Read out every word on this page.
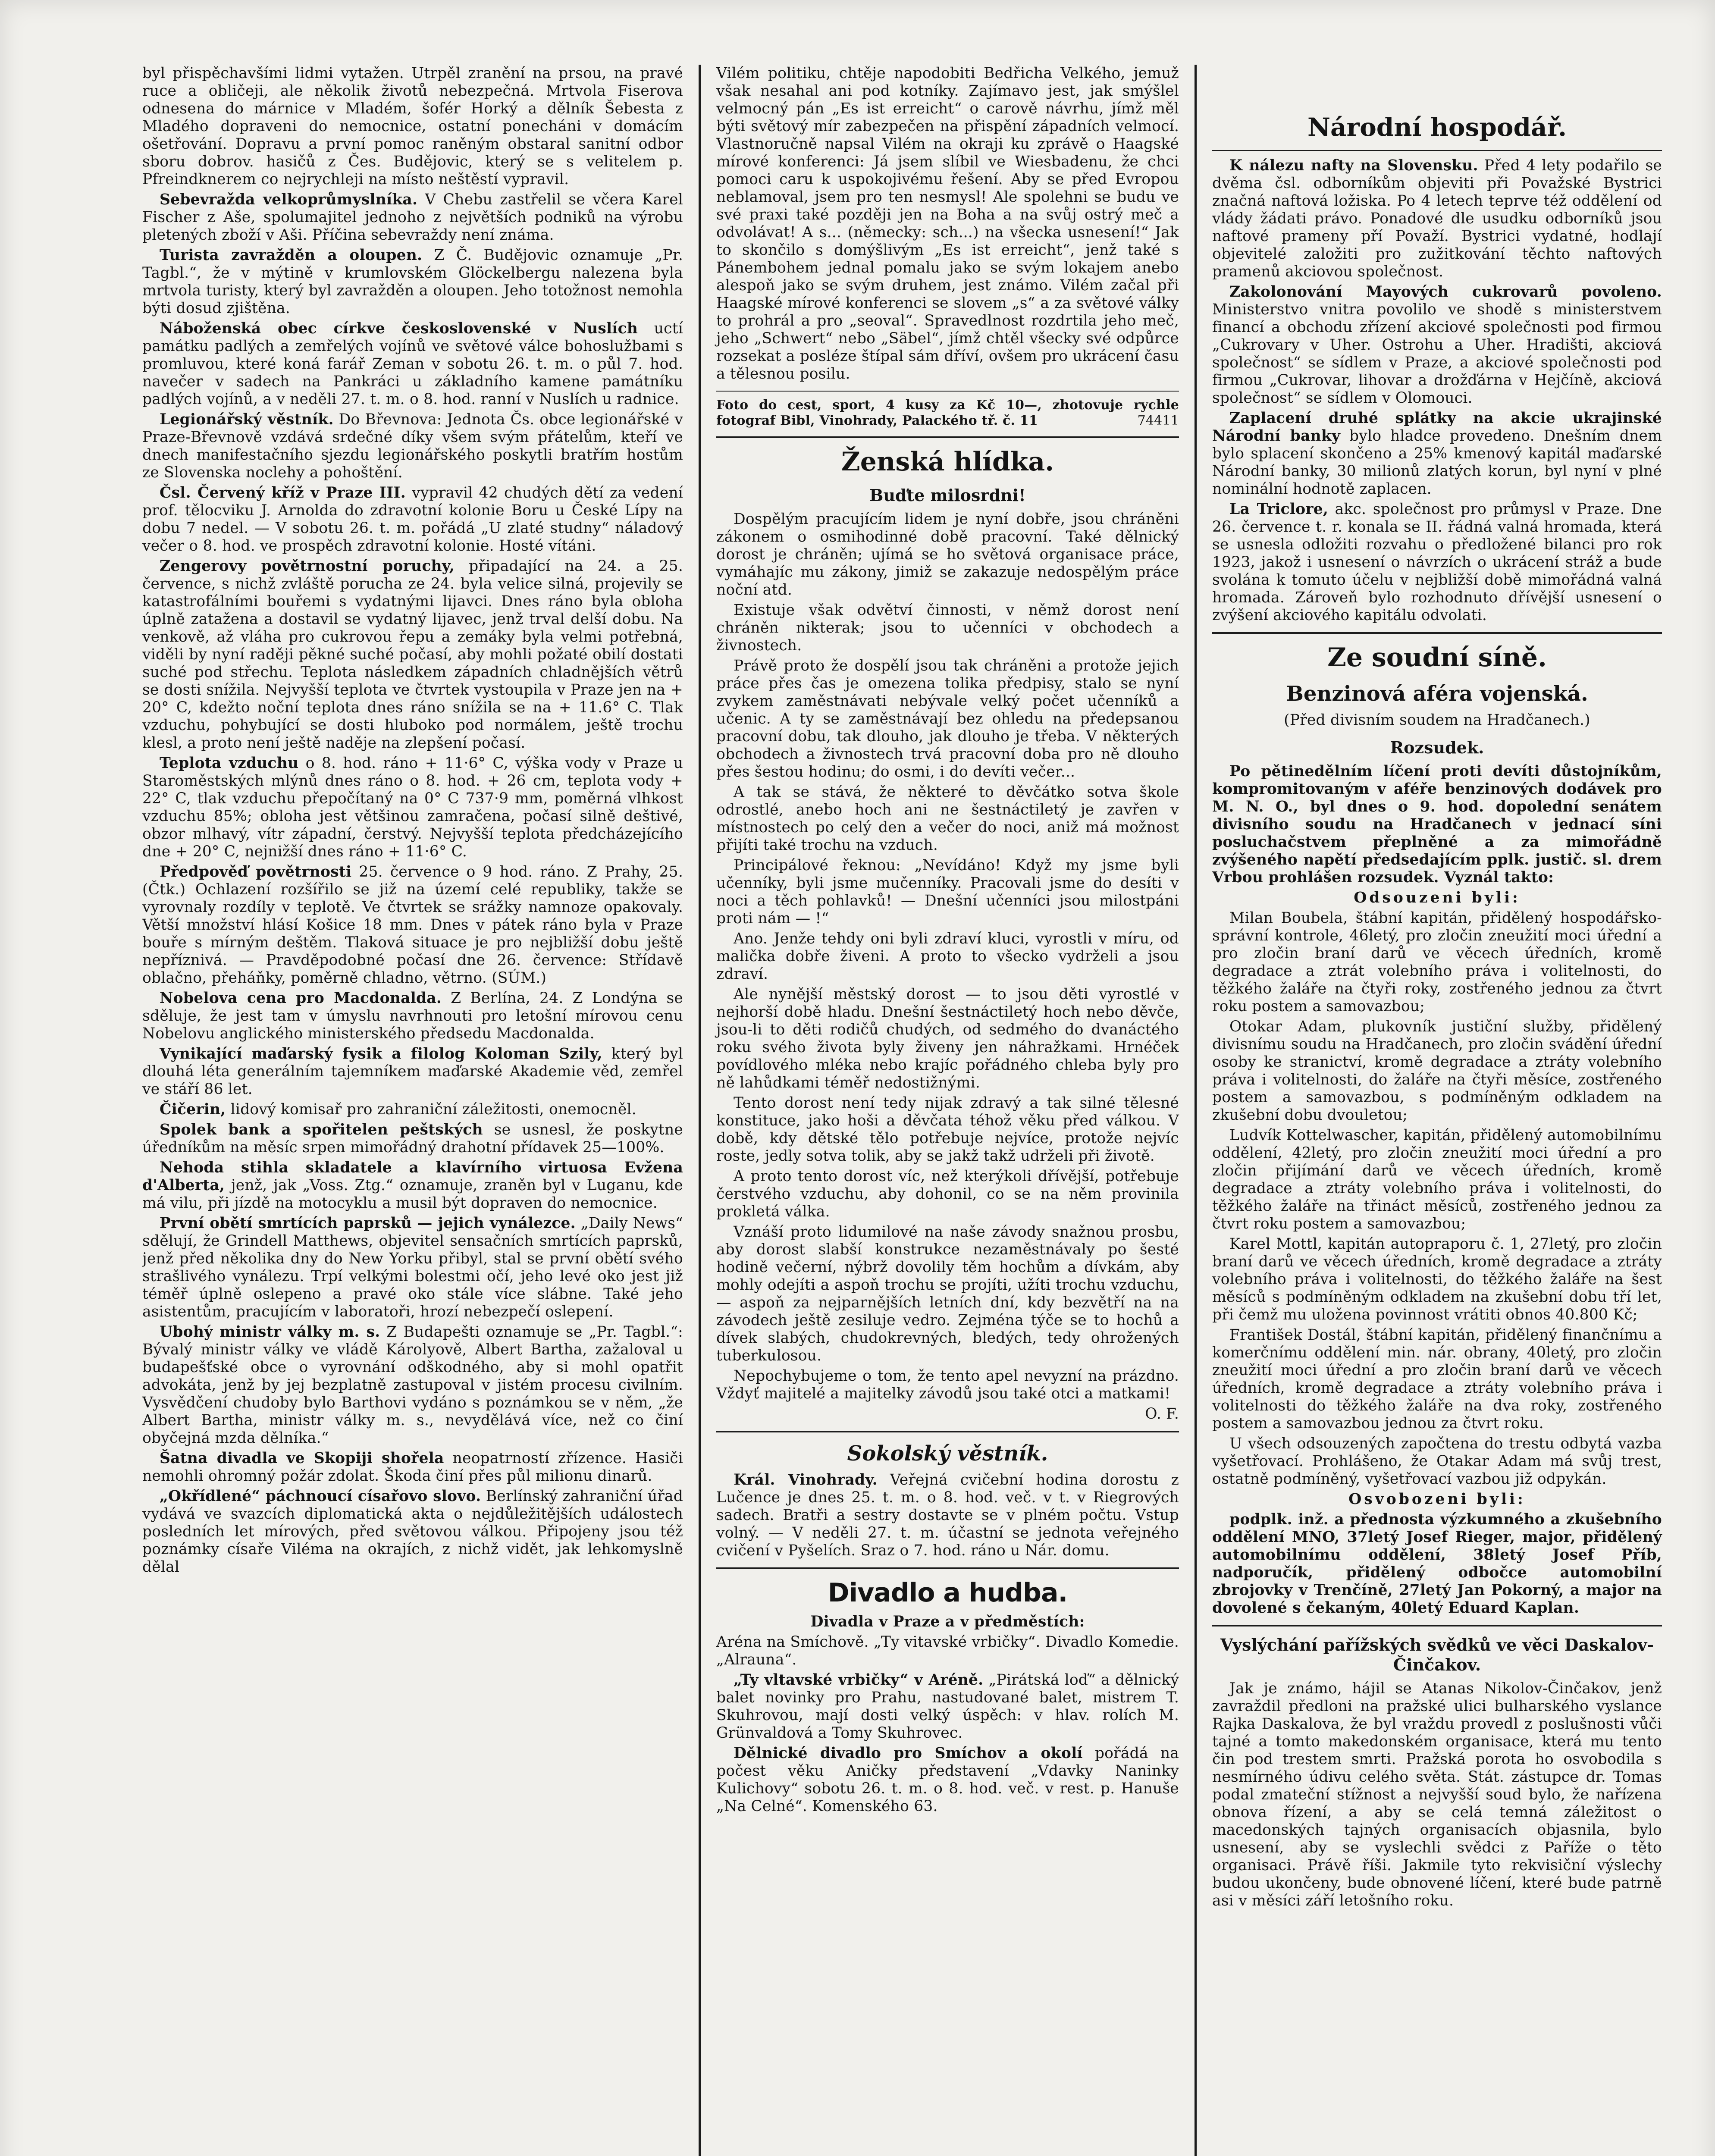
byl přispěchavšími lidmi vytažen. Utrpěl zranění na prsou, na pravé ruce a obličeji, ale několik životů nebezpečná. Mrtvola Fiserova odnesena do márnice v Mladém, šofér Horký a dělník Šebesta z Mladého dopraveni do nemocnice, ostatní ponecháni v domácím ošetřování. Dopravu a první pomoc raněným obstaral sanitní odbor sboru dobrov. hasičů z Čes. Budějovic, který se s velitelem p. Pfreindknerem co nejrychleji na místo neštěstí vypravil.

Sebevražda velkoprůmyslníka. V Chebu zastřelil se včera Karel Fischer z Aše, spolumajitel jednoho z největších podniků na výrobu pletených zboží v Aši. Příčina sebevraždy není známa.

Turista zavražděn a oloupen. Z Č. Budějovic oznamuje „Pr. Tagbl.“, že v mýtině v krumlovském Glöckelbergu nalezena byla mrtvola turisty, který byl zavražděn a oloupen. Jeho totožnost nemohla býti dosud zjištěna.

Náboženská obec církve československé v Nuslích uctí památku padlých a zemřelých vojínů ve světové válce bohoslužbami s promluvou, které koná farář Zeman v sobotu 26. t. m. o půl 7. hod. navečer v sadech na Pankráci u základního kamene památníku padlých vojínů, a v neděli 27. t. m. o 8. hod. ranní v Nuslích u radnice.

Legionářský věstník. Do Břevnova: Jednota Čs. obce legionářské v Praze-Břevnově vzdává srdečné díky všem svým přátelům, kteří ve dnech manifestačního sjezdu legionářského poskytli bratřím hostům ze Slovenska noclehy a pohoštění.

Čsl. Červený kříž v Praze III. vypravil 42 chudých dětí za vedení prof. tělocviku J. Arnolda do zdravotní kolonie Boru u České Lípy na dobu 7 nedel. — V sobotu 26. t. m. pořádá „U zlaté studny“ náladový večer o 8. hod. ve prospěch zdravotní kolonie. Hosté vítáni.

Zengerovy povětrnostní poruchy, připadající na 24. a 25. července, s nichž zvláště porucha ze 24. byla velice silná, projevily se katastrofálními bouřemi s vydatnými lijavci. Dnes ráno byla obloha úplně zatažena a dostavil se vydatný lijavec, jenž trval delší dobu. Na venkově, až vláha pro cukrovou řepu a zemáky byla velmi potřebná, viděli by nyní raději pěkné suché počasí, aby mohli požaté obilí dostati suché pod střechu. Teplota následkem západních chladnějších větrů se dosti snížila. Nejvyšší teplota ve čtvrtek vystoupila v Praze jen na + 20° C, kdežto noční teplota dnes ráno snížila se na + 11.6° C. Tlak vzduchu, pohybující se dosti hluboko pod normálem, ještě trochu klesl, a proto není ještě naděje na zlepšení počasí.

Teplota vzduchu o 8. hod. ráno + 11·6° C, výška vody v Praze u Staroměstských mlýnů dnes ráno o 8. hod. + 26 cm, teplota vody + 22° C, tlak vzduchu přepočítaný na 0° C 737·9 mm, poměrná vlhkost vzduchu 85%; obloha jest většinou zamračena, počasí silně deštivé, obzor mlhavý, vítr západní, čerstvý. Nejvyšší teplota předcházejícího dne + 20° C, nejnižší dnes ráno + 11·6° C.

Předpověď povětrnosti 25. července o 9 hod. ráno. Z Prahy, 25. (Čtk.) Ochlazení rozšířilo se již na území celé republiky, takže se vyrovnaly rozdíly v teplotě. Ve čtvrtek se srážky namnoze opakovaly. Větší množství hlásí Košice 18 mm. Dnes v pátek ráno byla v Praze bouře s mírným deštěm. Tlaková situace je pro nejbližší dobu ještě nepříznivá. — Pravděpodobné počasí dne 26. července: Střídavě oblačno, přeháňky, poměrně chladno, větrno. (SÚM.)

Nobelova cena pro Macdonalda. Z Berlína, 24. Z Londýna se sděluje, že jest tam v úmyslu navrhnouti pro letošní mírovou cenu Nobelovu anglického ministerského předsedu Macdonalda.

Vynikající maďarský fysik a filolog Koloman Szily, který byl dlouhá léta generálním tajemníkem maďarské Akademie věd, zemřel ve stáří 86 let.

Čičerin, lidový komisař pro zahraniční záležitosti, onemocněl.

Spolek bank a spořitelen peštských se usnesl, že poskytne úředníkům na měsíc srpen mimořádný drahotní přídavek 25—100%.

Nehoda stihla skladatele a klavírního virtuosa Evžena d'Alberta, jenž, jak „Voss. Ztg.“ oznamuje, zraněn byl v Luganu, kde má vilu, při jízdě na motocyklu a musil být dopraven do nemocnice.

První obětí smrtících paprsků — jejich vynálezce. „Daily News“ sdělují, že Grindell Matthews, objevitel sensačních smrtících paprsků, jenž před několika dny do New Yorku přibyl, stal se první obětí svého strašlivého vynálezu. Trpí velkými bolestmi očí, jeho levé oko jest již téměř úplně oslepeno a pravé oko stále více slábne. Také jeho asistentům, pracujícím v laboratoři, hrozí nebezpečí oslepení.

Ubohý ministr války m. s. Z Budapešti oznamuje se „Pr. Tagbl.“: Bývalý ministr války ve vládě Károlyově, Albert Bartha, zažaloval u budapešťské obce o vyrovnání odškodného, aby si mohl opatřit advokáta, jenž by jej bezplatně zastupoval v jistém procesu civilním. Vysvědčení chudoby bylo Barthovi vydáno s poznámkou se v něm, „že Albert Bartha, ministr války m. s., nevydělává více, než co činí obyčejná mzda dělníka.“

Šatna divadla ve Skopiji shořela neopatrností zřízence. Hasiči nemohli ohromný požár zdolat. Škoda činí přes půl milionu dinarů.

„Okřídlené“ páchnoucí císařovo slovo. Berlínský zahraniční úřad vydává ve svazcích diplomatická akta o nejdůležitějších událostech posledních let mírových, před světovou válkou. Připojeny jsou též poznámky císaře Viléma na okrajích, z nichž vidět, jak lehkomyslně dělal

Vilém politiku, chtěje napodobiti Bedřicha Velkého, jemuž však nesahal ani pod kotníky. Zajímavo jest, jak smýšlel velmocný pán „Es ist erreicht“ o carově návrhu, jímž měl býti světový mír zabezpečen na přispění západních velmocí. Vlastnoručně napsal Vilém na okraji ku zprávě o Haagské mírové konferenci: Já jsem slíbil ve Wiesbadenu, že chci pomoci caru k uspokojivému řešení. Aby se před Evropou neblamoval, jsem pro ten nesmysl! Ale spolehni se budu ve své praxi také později jen na Boha a na svůj ostrý meč a odvolávat! A s... (německy: sch...) na všecka usnesení!“ Jak to skončilo s domýšlivým „Es ist erreicht“, jenž také s Pánembohem jednal pomalu jako se svým lokajem anebo alespoň jako se svým druhem, jest známo. Vilém začal při Haagské mírové konferenci se slovem „s“ a za světové války to prohrál a pro „seoval“. Spravedlnost rozdrtila jeho meč, jeho „Schwert“ nebo „Säbel“, jímž chtěl všecky své odpůrce rozsekat a posléze štípal sám dříví, ovšem pro ukrácení času a tělesnou posilu.

Foto do cest, sport, 4 kusy za Kč 10—, zhotovuje rychle fotograf Bibl, Vinohrady, Palackého tř. č. 11	74411

Ženská hlídka.
Buďte milosrdni!

Dospělým pracujícím lidem je nyní dobře, jsou chráněni zákonem o osmihodinné době pracovní. Také dělnický dorost je chráněn; ujímá se ho světová organisace práce, vymáhajíc mu zákony, jimiž se zakazuje nedospělým práce noční atd.

Existuje však odvětví činnosti, v němž dorost není chráněn nikterak; jsou to učenníci v obchodech a živnostech.

Právě proto že dospělí jsou tak chráněni a protože jejich práce přes čas je omezena tolika předpisy, stalo se nyní zvykem zaměstnávati nebývale velký počet učenníků a učenic. A ty se zaměstnávají bez ohledu na předepsanou pracovní dobu, tak dlouho, jak dlouho je třeba. V některých obchodech a živnostech trvá pracovní doba pro ně dlouho přes šestou hodinu; do osmi, i do devíti večer...

A tak se stává, že některé to děvčátko sotva škole odrostlé, anebo hoch ani ne šestnáctiletý je zavřen v místnostech po celý den a večer do noci, aniž má možnost přijíti také trochu na vzduch.

Principálové řeknou: „Nevídáno! Když my jsme byli učenníky, byli jsme mučenníky. Pracovali jsme do desíti v noci a těch pohlavků! — Dnešní učenníci jsou milostpáni proti nám — !“

Ano. Jenže tehdy oni byli zdraví kluci, vyrostli v míru, od malička dobře živeni. A proto to všecko vydrželi a jsou zdraví.

Ale nynější městský dorost — to jsou děti vyrostlé v nejhorší době hladu. Dnešní šestnáctiletý hoch nebo děvče, jsou-li to děti rodičů chudých, od sedmého do dvanáctého roku svého života byly živeny jen náhražkami. Hrnéček povídlového mléka nebo krajíc pořádného chleba byly pro ně lahůdkami téměř nedostižnými.

Tento dorost není tedy nijak zdravý a tak silné tělesné konstituce, jako hoši a děvčata téhož věku před válkou. V době, kdy dětské tělo potřebuje nejvíce, protože nejvíc roste, jedly sotva tolik, aby se jakž takž udrželi při životě.

A proto tento dorost víc, než kterýkoli dřívější, potřebuje čerstvého vzduchu, aby dohonil, co se na něm provinila prokletá válka.

Vznáší proto lidumilové na naše závody snažnou prosbu, aby dorost slabší konstrukce nezaměstnávaly po šesté hodině večerní, nýbrž dovolily těm hochům a dívkám, aby mohly odejíti a aspoň trochu se projíti, užíti trochu vzduchu, — aspoň za nejparnějších letních dní, kdy bezvětří na na závodech ještě zesiluje vedro. Zejména týče se to hochů a dívek slabých, chudokrevných, bledých, tedy ohrožených tuberkulosou.

Nepochybujeme o tom, že tento apel nevyzní na prázdno. Vždyť majitelé a majitelky závodů jsou také otci a matkami!

O. F.

Sokolský věstník.

Král. Vinohrady. Veřejná cvičební hodina dorostu z Lučence je dnes 25. t. m. o 8. hod. več. v t. v Riegrových sadech. Bratři a sestry dostavte se v plném počtu. Vstup volný. — V neděli 27. t. m. účastní se jednota veřejného cvičení v Pyšelích. Sraz o 7. hod. ráno u Nár. domu.

Divadlo a hudba.

Divadla v Praze a v předměstích:

Aréna na Smíchově. „Ty vitavské vrbičky“. Divadlo Komedie. „Alrauna“.

„Ty vltavské vrbičky“ v Aréně. „Pirátská loď“ a dělnický balet novinky pro Prahu, nastudované balet, mistrem T. Skuhrovou, mají dosti velký úspěch: v hlav. rolích M. Grünvaldová a Tomy Skuhrovec.

Dělnické divadlo pro Smíchov a okolí pořádá na počest věku Aničky představení „Vdavky Naninky Kulichovy“ sobotu 26. t. m. o 8. hod. več. v rest. p. Hanuše „Na Celné“. Komenského 63.

Národní hospodář.

K nálezu nafty na Slovensku. Před 4 lety podařilo se dvěma čsl. odborníkům objeviti při Považské Bystrici značná naftová ložiska. Po 4 letech teprve též oddělení od vlády žádati právo. Ponadové dle usudku odborníků jsou naftové prameny pří Považí. Bystrici vydatné, hodlají objevitelé založiti pro zužitkování těchto naftových pramenů akciovou společnost.

Zakolonování Mayových cukrovarů povoleno. Ministerstvo vnitra povolilo ve shodě s ministerstvem financí a obchodu zřízení akciové společnosti pod firmou „Cukrovary v Uher. Ostrohu a Uher. Hradišti, akciová společnost“ se sídlem v Praze, a akciové společnosti pod firmou „Cukrovar, lihovar a drožďárna v Hejčíně, akciová společnost“ se sídlem v Olomouci.

Zaplacení druhé splátky na akcie ukrajinské Národní banky bylo hladce provedeno. Dnešním dnem bylo splacení skončeno a 25% kmenový kapitál maďarské Národní banky, 30 milionů zlatých korun, byl nyní v plné nominální hodnotě zaplacen.

La Triclore, akc. společnost pro průmysl v Praze. Dne 26. července t. r. konala se II. řádná valná hromada, která se usnesla odložiti rozvahu o předložené bilanci pro rok 1923, jakož i usnesení o návrzích o ukrácení stráž a bude svolána k tomuto účelu v nejbližší době mimořádná valná hromada. Zároveň bylo rozhodnuto dřívější usnesení o zvýšení akciového kapitálu odvolati.

Ze soudní síně.
Benzinová aféra vojenská.

(Před divisním soudem na Hradčanech.)

Rozsudek.

Po pětinedělním líčení proti devíti důstojníkům, kompromitovaným v aféře benzinových dodávek pro M. N. O., byl dnes o 9. hod. dopolední senátem divisního soudu na Hradčanech v jednací síni posluchačstvem přeplněné a za mimořádně zvýšeného napětí předsedajícím pplk. justič. sl. drem Vrbou prohlášen rozsudek. Vyznál takto:

Odsouzeni byli:

Milan Boubela, štábní kapitán, přidělený hospodářsko-správní kontrole, 46letý, pro zločin zneužití moci úřední a pro zločin braní darů ve věcech úředních, kromě degradace a ztrát volebního práva i volitelnosti, do těžkého žaláře na čtyři roky, zostřeného jednou za čtvrt roku postem a samovazbou;

Otokar Adam, plukovník justiční služby, přidělený divisnímu soudu na Hradčanech, pro zločin svádění úřední osoby ke stranictví, kromě degradace a ztráty volebního práva i volitelnosti, do žaláře na čtyři měsíce, zostřeného postem a samovazbou, s podmíněným odkladem na zkušební dobu dvouletou;

Ludvík Kottelwascher, kapitán, přidělený automobilnímu oddělení, 42letý, pro zločin zneužití moci úřední a pro zločin přijímání darů ve věcech úředních, kromě degradace a ztráty volebního práva i volitelnosti, do těžkého žaláře na třináct měsíců, zostřeného jednou za čtvrt roku postem a samovazbou;

Karel Mottl, kapitán autopraporu č. 1, 27letý, pro zločin braní darů ve věcech úředních, kromě degradace a ztráty volebního práva i volitelnosti, do těžkého žaláře na šest měsíců s podmíněným odkladem na zkušební dobu tří let, při čemž mu uložena povinnost vrátiti obnos 40.800 Kč;

František Dostál, štábní kapitán, přidělený finančnímu a komerčnímu oddělení min. nár. obrany, 40letý, pro zločin zneužití moci úřední a pro zločin braní darů ve věcech úředních, kromě degradace a ztráty volebního práva i volitelnosti do těžkého žaláře na dva roky, zostřeného postem a samovazbou jednou za čtvrt roku.

U všech odsouzených započtena do trestu odbytá vazba vyšetřovací. Prohlášeno, že Otakar Adam má svůj trest, ostatně podmíněný, vyšetřovací vazbou již odpykán.

Osvobozeni byli:

podplk. inž. a přednosta výzkumného a zkušebního oddělení MNO, 37letý Josef Rieger, major, přidělený automobilnímu oddělení, 38letý Josef Příb, nadporučík, přidělený odbočce automobilní zbrojovky v Trenčíně, 27letý Jan Pokorný, a major na dovolené s čekaným, 40letý Eduard Kaplan.

Vyslýchání pařížských svědků ve věci Daskalov-Činčakov.

Jak je známo, hájil se Atanas Nikolov-Činčakov, jenž zavraždil předloni na pražské ulici bulharského vyslance Rajka Daskalova, že byl vraždu provedl z poslušnosti vůči tajné a tomto makedonském organisace, která mu tento čin pod trestem smrti. Pražská porota ho osvobodila s nesmírného údivu celého světa. Stát. zástupce dr. Tomas podal zmateční stížnost a nejvyšší soud bylo, že nařízena obnova řízení, a aby se celá temná záležitost o macedonských tajných organisacích objasnila, bylo usnesení, aby se vyslechli svědci z Paříže o těto organisaci. Právě říši. Jakmile tyto rekvisiční výslechy budou ukončeny, bude obnovené líčení, které bude patrně asi v měsíci září letošního roku.
